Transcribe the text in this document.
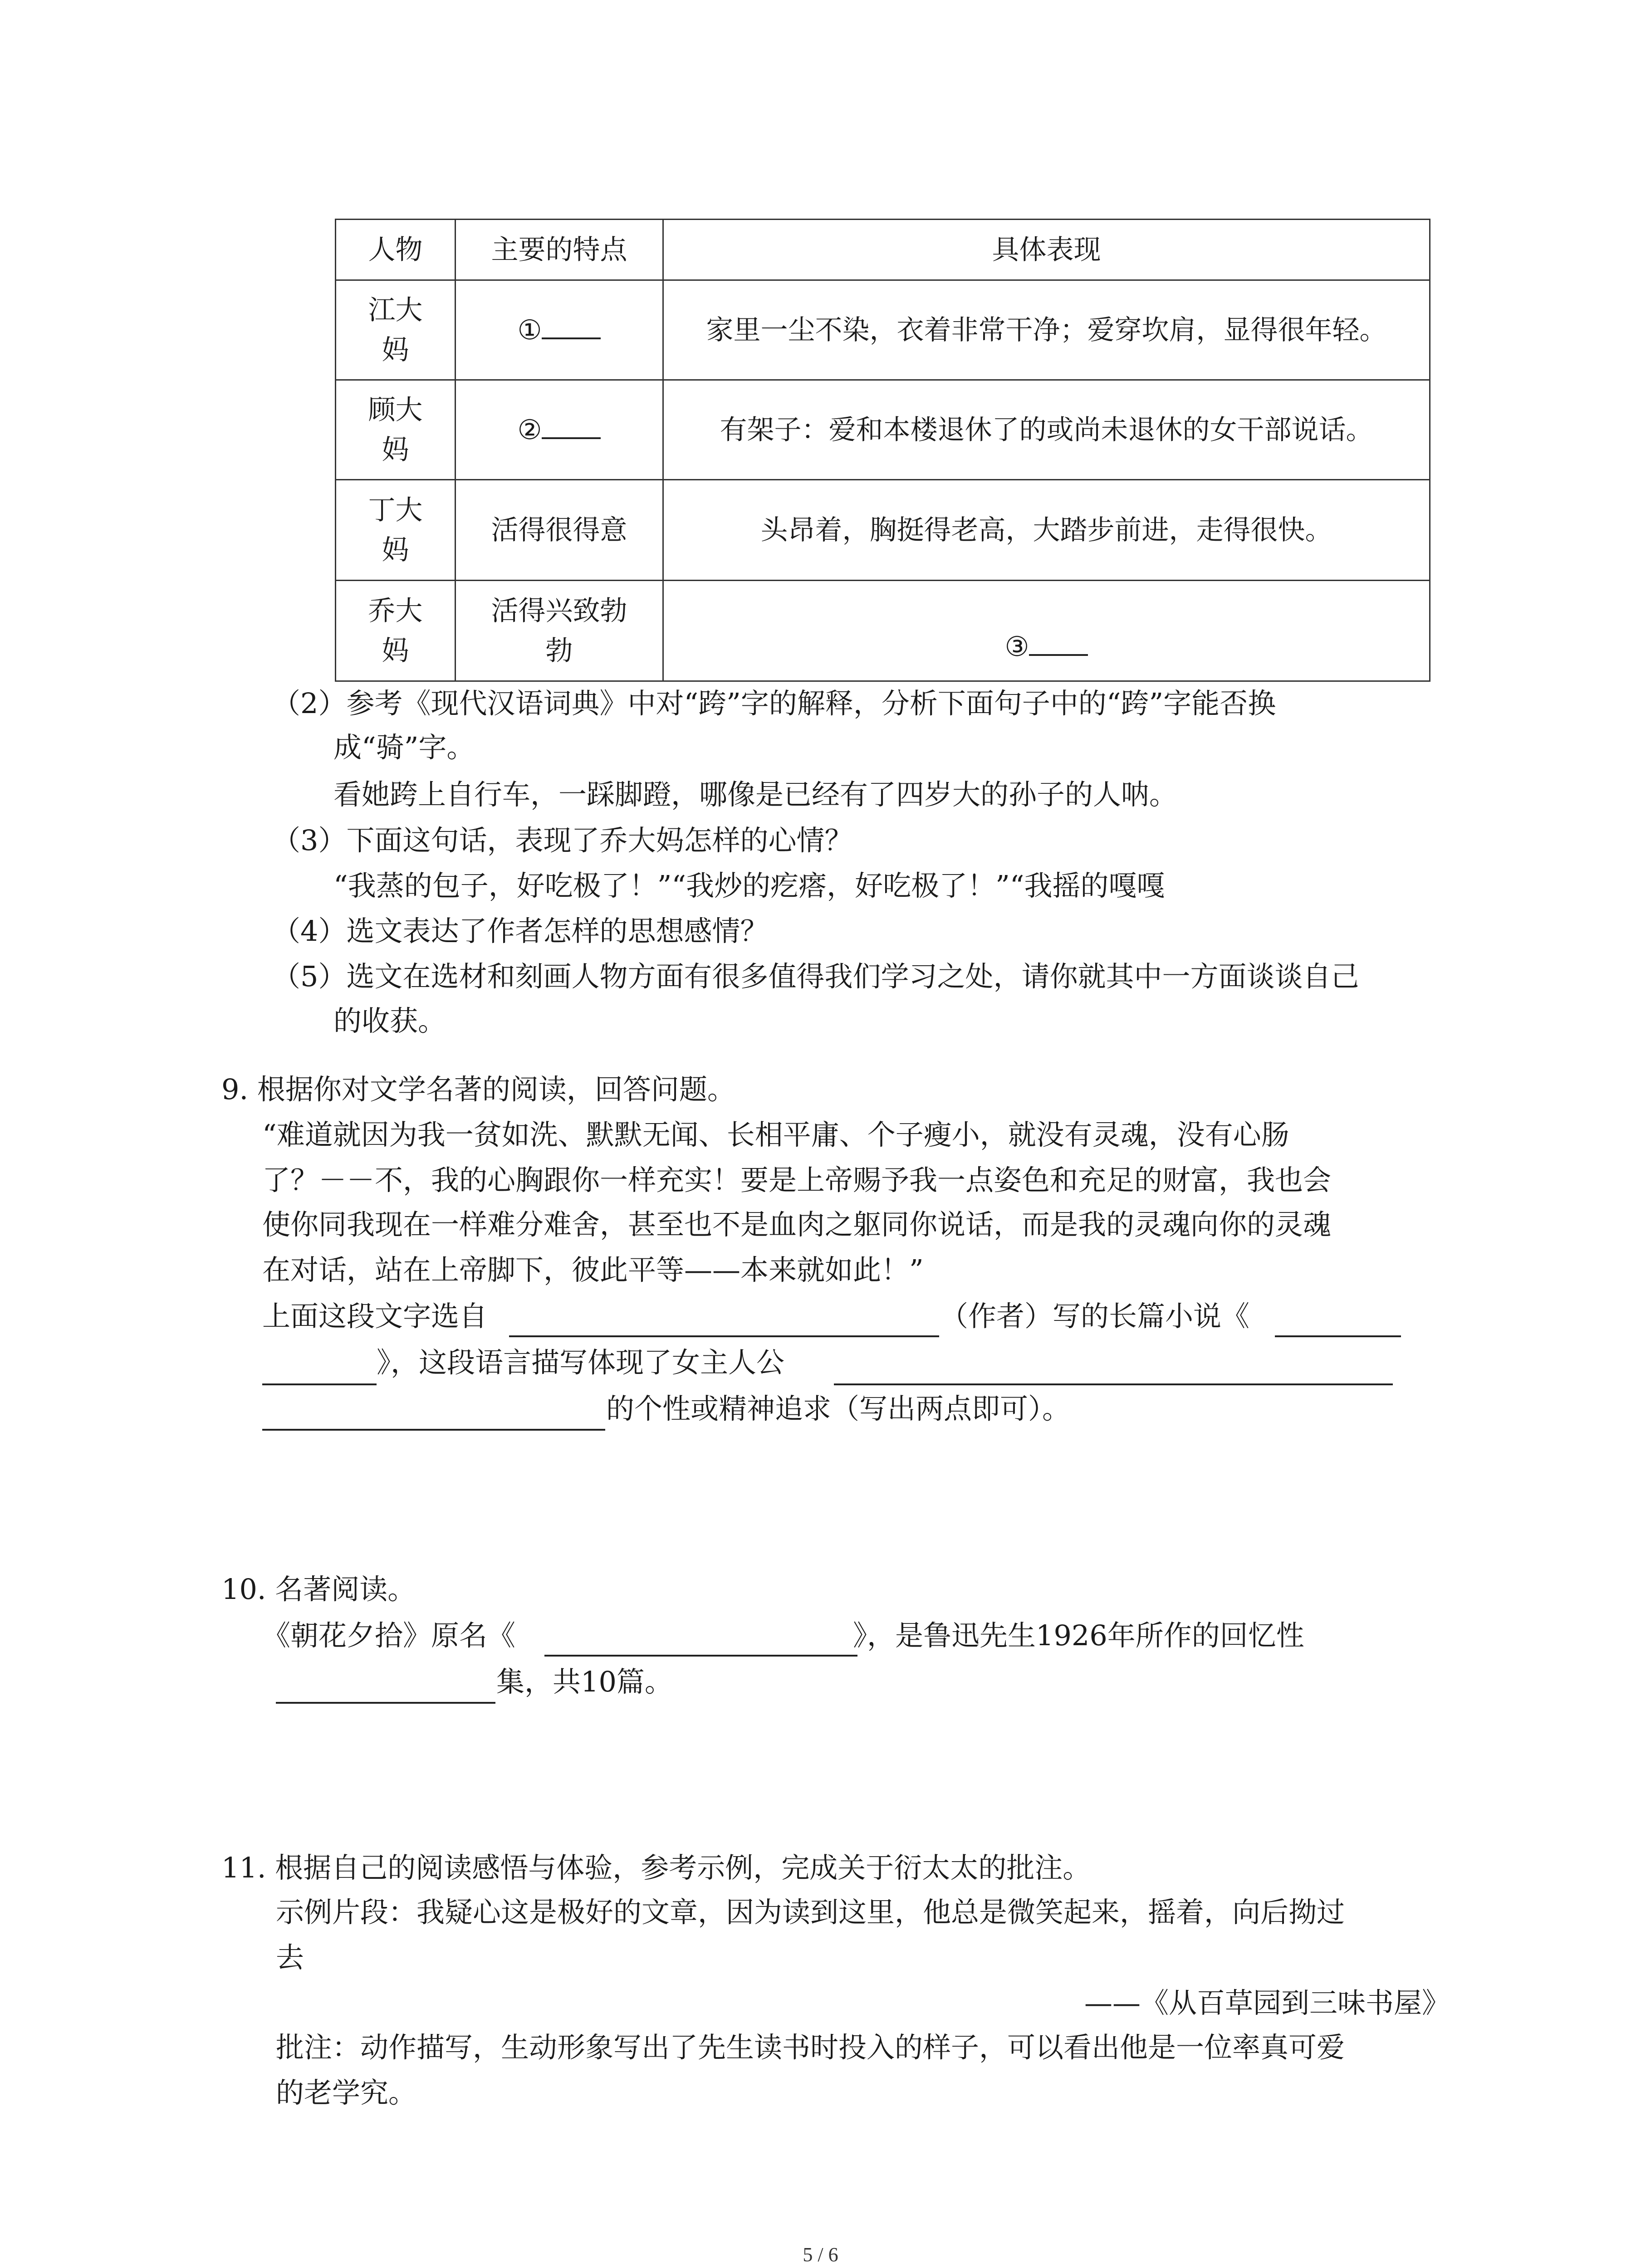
人物	主要的特点	具体表现
江大妈	①	家里一尘不染，衣着非常干净；爱穿坎肩，显得很年轻。
顾大妈	②	有架子：爱和本楼退休了的或尚未退休的女干部说话。
丁大妈	活得很得意	头昂着，胸挺得老高，大踏步前进，走得很快。
乔大妈	活得兴致勃勃	③
（2）参考《现代汉语词典》中对“跨”字的解释，分析下面句子中的“跨”字能否换
成“骑”字。
看她跨上自行车，一踩脚蹬，哪像是已经有了四岁大的孙子的人呐。
（3）下面这句话，表现了乔大妈怎样的心情？
“我蒸的包子，好吃极了！”“我炒的疙瘩，好吃极了！”“我摇的嘎嘎
（4）选文表达了作者怎样的思想感情？
（5）选文在选材和刻画人物方面有很多值得我们学习之处，请你就其中一方面谈谈自己
的收获。
9. 根据你对文学名著的阅读，回答问题。
“难道就因为我一贫如洗、默默无闻、长相平庸、个子瘦小，就没有灵魂，没有心肠
了？－－不，我的心胸跟你一样充实！要是上帝赐予我一点姿色和充足的财富，我也会
使你同我现在一样难分难舍，甚至也不是血肉之躯同你说话，而是我的灵魂向你的灵魂
在对话，站在上帝脚下，彼此平等——本来就如此！”
上面这段文字选自	（作者）写的长篇小说《
》，这段语言描写体现了女主人公
的个性或精神追求（写出两点即可）。
10. 名著阅读。
《朝花夕拾》原名《	》，是鲁迅先生1926年所作的回忆性
集，共10篇。
11. 根据自己的阅读感悟与体验，参考示例，完成关于衍太太的批注。
示例片段：我疑心这是极好的文章，因为读到这里，他总是微笑起来，摇着，向后拗过
去
——《从百草园到三味书屋》
批注：动作描写，生动形象写出了先生读书时投入的样子，可以看出他是一位率真可爱
的老学究。
5 / 6
